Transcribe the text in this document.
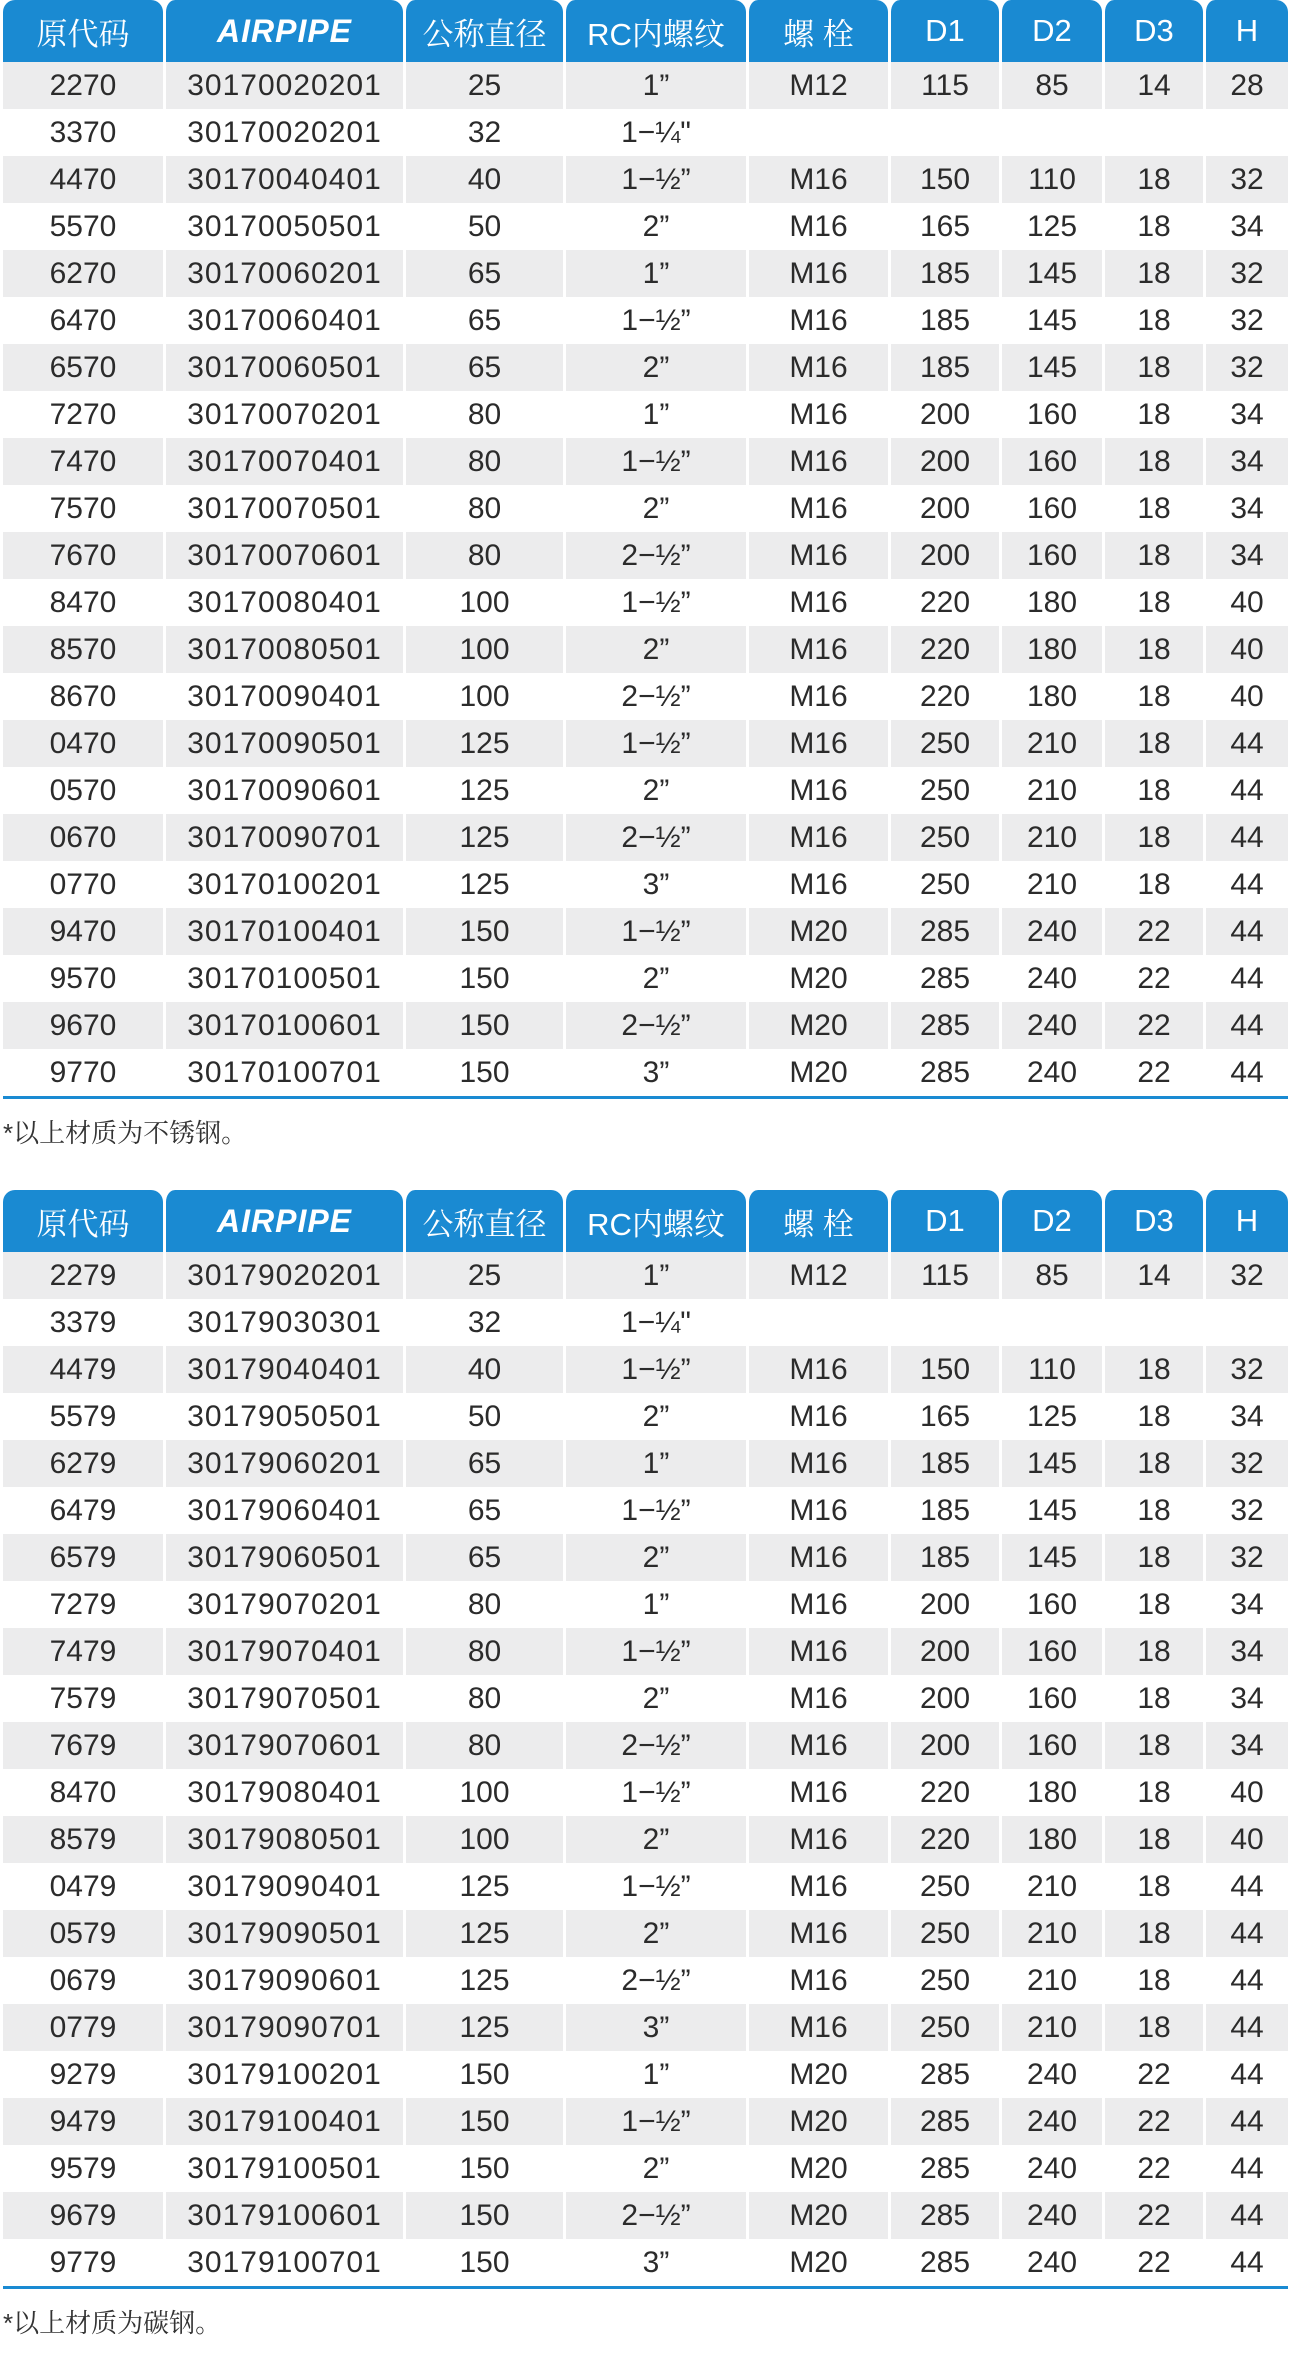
原代码	AIRPIPE	公称直径	RC内螺纹	螺 栓	D1	D2	D3	H
2270	30170020201	25	1”	M12	115	85	14	28
3370	30170020201	32	1−¼"					
4470	30170040401	40	1−½”	M16	150	110	18	32
5570	30170050501	50	2”	M16	165	125	18	34
6270	30170060201	65	1”	M16	185	145	18	32
6470	30170060401	65	1−½”	M16	185	145	18	32
6570	30170060501	65	2”	M16	185	145	18	32
7270	30170070201	80	1”	M16	200	160	18	34
7470	30170070401	80	1−½”	M16	200	160	18	34
7570	30170070501	80	2”	M16	200	160	18	34
7670	30170070601	80	2−½”	M16	200	160	18	34
8470	30170080401	100	1−½”	M16	220	180	18	40
8570	30170080501	100	2”	M16	220	180	18	40
8670	30170090401	100	2−½”	M16	220	180	18	40
0470	30170090501	125	1−½”	M16	250	210	18	44
0570	30170090601	125	2”	M16	250	210	18	44
0670	30170090701	125	2−½”	M16	250	210	18	44
0770	30170100201	125	3”	M16	250	210	18	44
9470	30170100401	150	1−½”	M20	285	240	22	44
9570	30170100501	150	2”	M20	285	240	22	44
9670	30170100601	150	2−½”	M20	285	240	22	44
9770	30170100701	150	3”	M20	285	240	22	44
*以上材质为不锈钢。
原代码	AIRPIPE	公称直径	RC内螺纹	螺 栓	D1	D2	D3	H
2279	30179020201	25	1”	M12	115	85	14	32
3379	30179030301	32	1−¼"					
4479	30179040401	40	1−½”	M16	150	110	18	32
5579	30179050501	50	2”	M16	165	125	18	34
6279	30179060201	65	1”	M16	185	145	18	32
6479	30179060401	65	1−½”	M16	185	145	18	32
6579	30179060501	65	2”	M16	185	145	18	32
7279	30179070201	80	1”	M16	200	160	18	34
7479	30179070401	80	1−½”	M16	200	160	18	34
7579	30179070501	80	2”	M16	200	160	18	34
7679	30179070601	80	2−½”	M16	200	160	18	34
8470	30179080401	100	1−½”	M16	220	180	18	40
8579	30179080501	100	2”	M16	220	180	18	40
0479	30179090401	125	1−½”	M16	250	210	18	44
0579	30179090501	125	2”	M16	250	210	18	44
0679	30179090601	125	2−½”	M16	250	210	18	44
0779	30179090701	125	3”	M16	250	210	18	44
9279	30179100201	150	1”	M20	285	240	22	44
9479	30179100401	150	1−½”	M20	285	240	22	44
9579	30179100501	150	2”	M20	285	240	22	44
9679	30179100601	150	2−½”	M20	285	240	22	44
9779	30179100701	150	3”	M20	285	240	22	44
*以上材质为碳钢。
